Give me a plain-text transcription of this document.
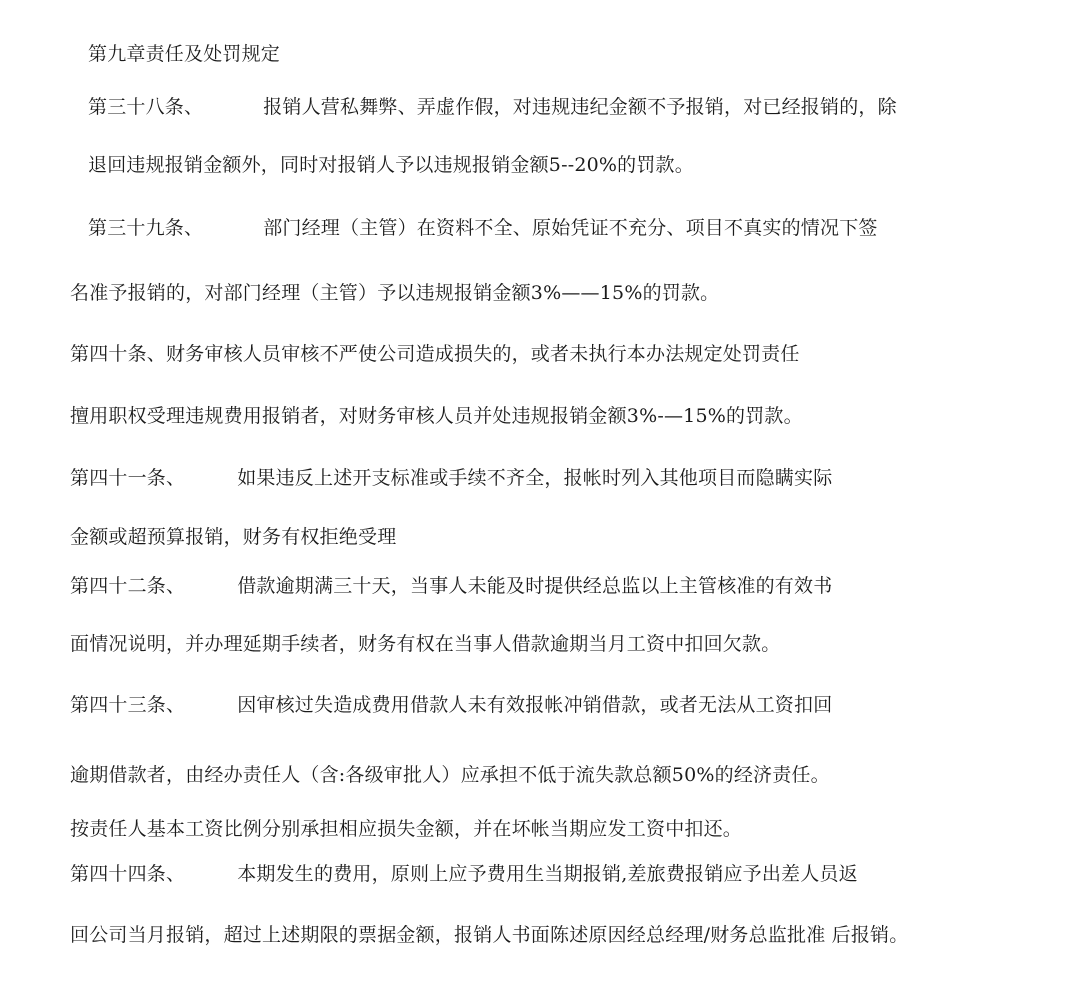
第九章责任及处罚规定
第三十八条、	报销人营私舞弊、弄虚作假，对违规违纪金额不予报销，对已经报销的，除
退回违规报销金额外，同时对报销人予以违规报销金额5--20%的罚款。
第三十九条、	部门经理（主管）在资料不全、原始凭证不充分、项目不真实的情况下签
名准予报销的，对部门经理（主管）予以违规报销金额3%——15%的罚款。
第四十条、财务审核人员审核不严使公司造成损失的，或者未执行本办法规定处罚责任
擅用职权受理违规费用报销者，对财务审核人员并处违规报销金额3%-—15%的罚款。
第四十一条、	如果违反上述开支标准或手续不齐全，报帐时列入其他项目而隐瞒实际
金额或超预算报销，财务有权拒绝受理
第四十二条、	借款逾期满三十天，当事人未能及时提供经总监以上主管核准的有效书
面情况说明，并办理延期手续者，财务有权在当事人借款逾期当月工资中扣回欠款。
第四十三条、	因审核过失造成费用借款人未有效报帐冲销借款，或者无法从工资扣回
逾期借款者，由经办责任人（含:各级审批人）应承担不低于流失款总额50%的经济责任。
按责任人基本工资比例分别承担相应损失金额，并在坏帐当期应发工资中扣还。
第四十四条、	本期发生的费用，原则上应予费用生当期报销,差旅费报销应予出差人员返
回公司当月报销，超过上述期限的票据金额，报销人书面陈述原因经总经理/财务总监批准 后报销。
